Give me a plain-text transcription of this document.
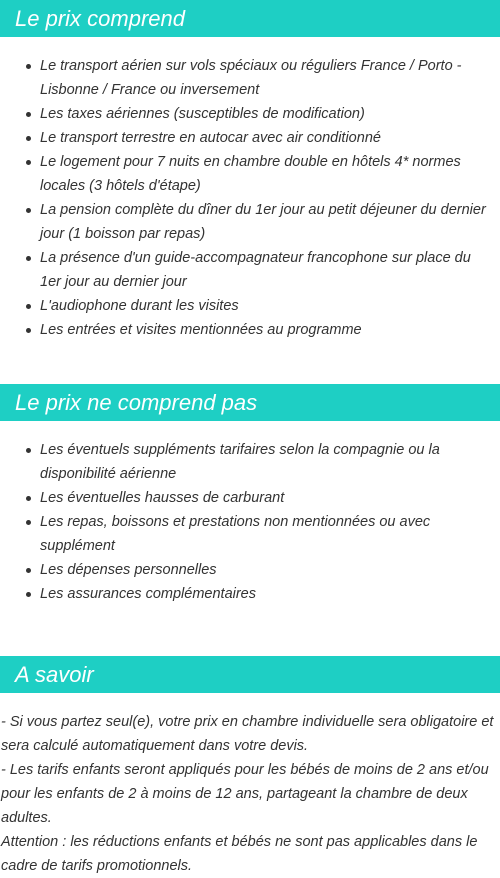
Le prix comprend
Le transport aérien sur vols spéciaux ou réguliers France / Porto - Lisbonne / France ou inversement
Les taxes aériennes (susceptibles de modification)
Le transport terrestre en autocar avec air conditionné
Le logement pour 7 nuits en chambre double en hôtels 4* normes locales (3 hôtels d'étape)
La pension complète du dîner du 1er jour au petit déjeuner du dernier jour (1 boisson par repas)
La présence d'un guide-accompagnateur francophone sur place du 1er jour au dernier jour
L'audiophone durant les visites
Les entrées et visites mentionnées au programme
Le prix ne comprend pas
Les éventuels suppléments tarifaires selon la compagnie ou la disponibilité aérienne
Les éventuelles hausses de carburant
Les repas, boissons et prestations non mentionnées ou avec supplément
Les dépenses personnelles
Les assurances complémentaires
A savoir
- Si vous partez seul(e), votre prix en chambre individuelle sera obligatoire et sera calculé automatiquement dans votre devis.
- Les tarifs enfants seront appliqués pour les bébés de moins de 2 ans et/ou pour les enfants de 2 à moins de 12 ans, partageant la chambre de deux adultes.
Attention : les réductions enfants et bébés ne sont pas applicables dans le cadre de tarifs promotionnels.
